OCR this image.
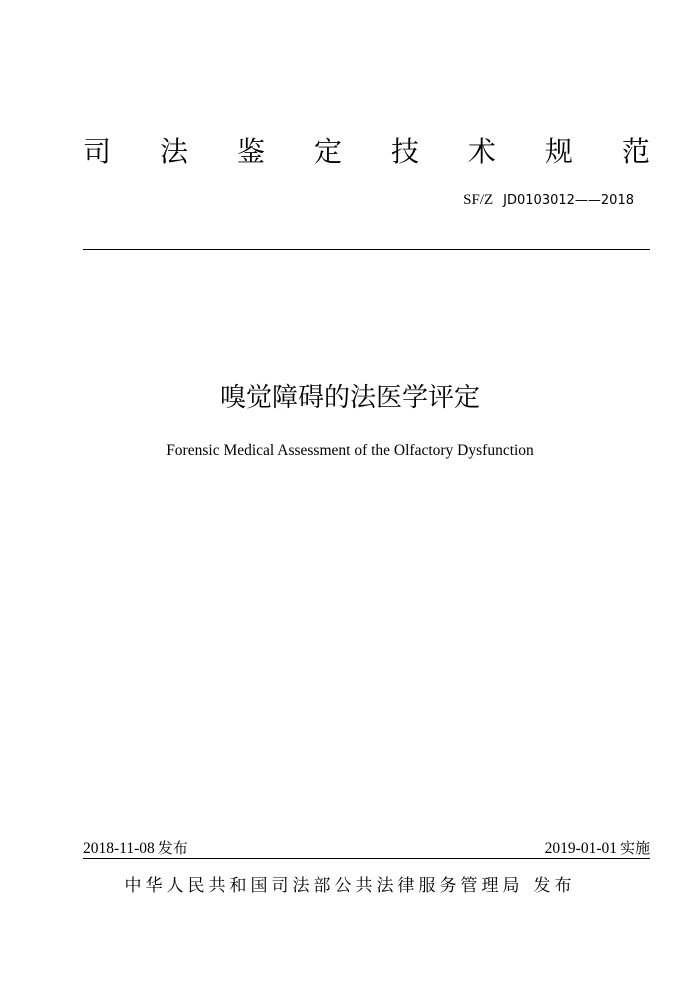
司 法 鉴 定 技 术 规 范
SF/Z JD0103012——2018
嗅觉障碍的法医学评定
Forensic Medical Assessment of the Olfactory Dysfunction
2018-11-08 发布	2019-01-01 实施
中华人民共和国司法部公共法律服务管理局 发布
